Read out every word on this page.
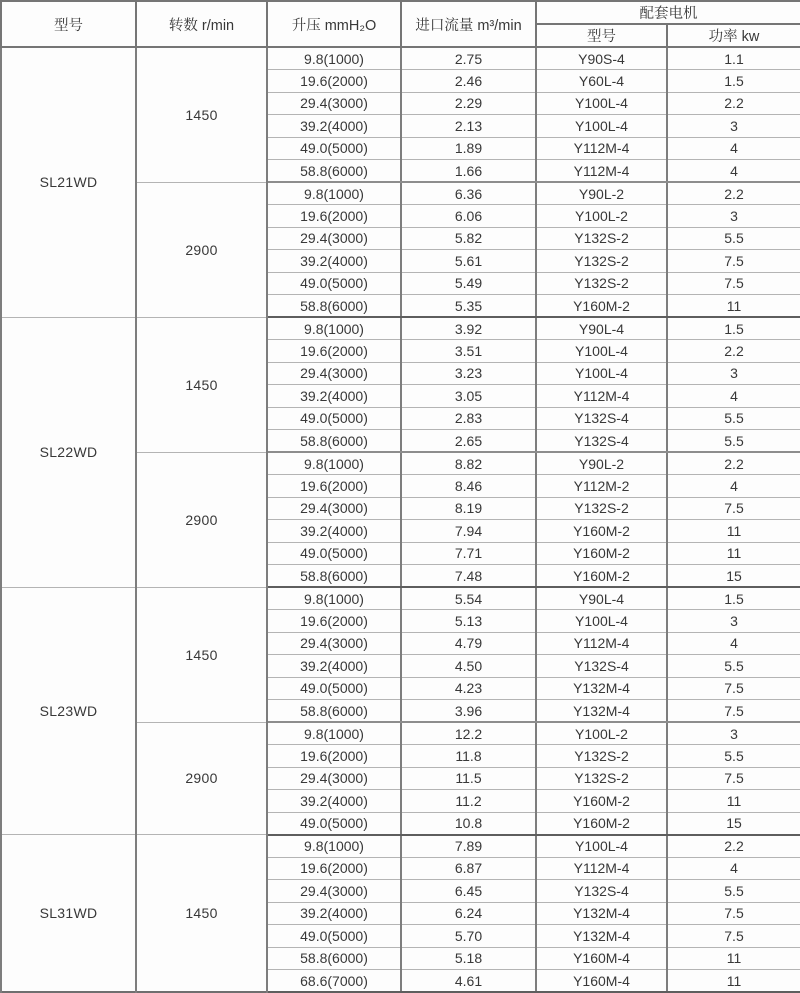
型号	转数 r/min	升压 mmH₂O	进口流量 m³/min	配套电机	
				型号	功率 kw
SL21WD	1450	9.8(1000)	2.75	Y90S-4	1.1
		19.6(2000)	2.46	Y60L-4	1.5
		29.4(3000)	2.29	Y100L-4	2.2
		39.2(4000)	2.13	Y100L-4	3
		49.0(5000)	1.89	Y112M-4	4
		58.8(6000)	1.66	Y112M-4	4
	2900	9.8(1000)	6.36	Y90L-2	2.2
		19.6(2000)	6.06	Y100L-2	3
		29.4(3000)	5.82	Y132S-2	5.5
		39.2(4000)	5.61	Y132S-2	7.5
		49.0(5000)	5.49	Y132S-2	7.5
		58.8(6000)	5.35	Y160M-2	11
SL22WD	1450	9.8(1000)	3.92	Y90L-4	1.5
		19.6(2000)	3.51	Y100L-4	2.2
		29.4(3000)	3.23	Y100L-4	3
		39.2(4000)	3.05	Y112M-4	4
		49.0(5000)	2.83	Y132S-4	5.5
		58.8(6000)	2.65	Y132S-4	5.5
	2900	9.8(1000)	8.82	Y90L-2	2.2
		19.6(2000)	8.46	Y112M-2	4
		29.4(3000)	8.19	Y132S-2	7.5
		39.2(4000)	7.94	Y160M-2	11
		49.0(5000)	7.71	Y160M-2	11
		58.8(6000)	7.48	Y160M-2	15
SL23WD	1450	9.8(1000)	5.54	Y90L-4	1.5
		19.6(2000)	5.13	Y100L-4	3
		29.4(3000)	4.79	Y112M-4	4
		39.2(4000)	4.50	Y132S-4	5.5
		49.0(5000)	4.23	Y132M-4	7.5
		58.8(6000)	3.96	Y132M-4	7.5
	2900	9.8(1000)	12.2	Y100L-2	3
		19.6(2000)	11.8	Y132S-2	5.5
		29.4(3000)	11.5	Y132S-2	7.5
		39.2(4000)	11.2	Y160M-2	11
		49.0(5000)	10.8	Y160M-2	15
SL31WD	1450	9.8(1000)	7.89	Y100L-4	2.2
		19.6(2000)	6.87	Y112M-4	4
		29.4(3000)	6.45	Y132S-4	5.5
		39.2(4000)	6.24	Y132M-4	7.5
		49.0(5000)	5.70	Y132M-4	7.5
		58.8(6000)	5.18	Y160M-4	11
		68.6(7000)	4.61	Y160M-4	11
